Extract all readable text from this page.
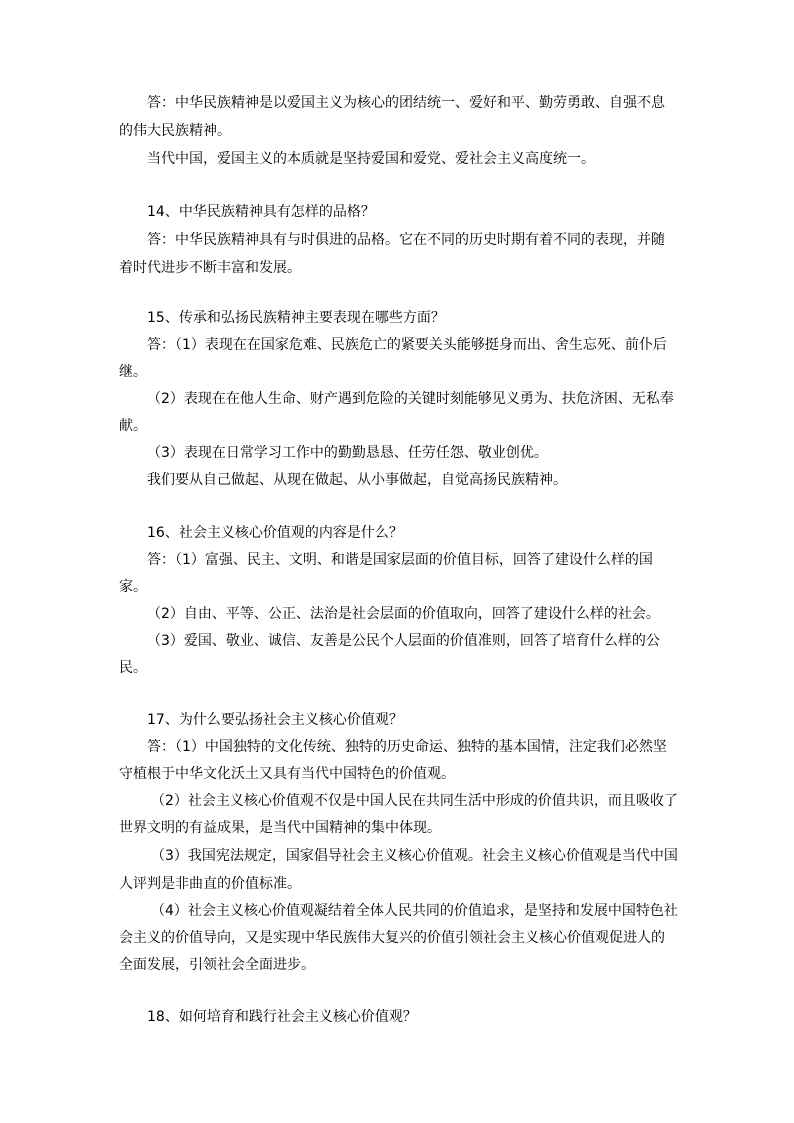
答：中华民族精神是以爱国主义为核心的团结统一、爱好和平、勤劳勇敢、自强不息
的伟大民族精神。
当代中国，爱国主义的本质就是坚持爱国和爱党、爱社会主义高度统一。
14、中华民族精神具有怎样的品格？
答：中华民族精神具有与时俱进的品格。它在不同的历史时期有着不同的表现，并随
着时代进步不断丰富和发展。
15、传承和弘扬民族精神主要表现在哪些方面？
答：（1）表现在在国家危难、民族危亡的紧要关头能够挺身而出、舍生忘死、前仆后
继。
（2）表现在在他人生命、财产遇到危险的关键时刻能够见义勇为、扶危济困、无私奉
献。
（3）表现在日常学习工作中的勤勤恳恳、任劳任怨、敬业创优。
我们要从自己做起、从现在做起、从小事做起，自觉高扬民族精神。
16、社会主义核心价值观的内容是什么？
答：（1）富强、民主、文明、和谐是国家层面的价值目标，回答了建设什么样的国
家。
（2）自由、平等、公正、法治是社会层面的价值取向，回答了建设什么样的社会。
（3）爱国、敬业、诚信、友善是公民个人层面的价值准则，回答了培育什么样的公
民。
17、为什么要弘扬社会主义核心价值观？
答：（1）中国独特的文化传统、独特的历史命运、独特的基本国情，注定我们必然坚
守植根于中华文化沃土又具有当代中国特色的价值观。
（2）社会主义核心价值观不仅是中国人民在共同生活中形成的价值共识，而且吸收了
世界文明的有益成果，是当代中国精神的集中体现。
（3）我国宪法规定，国家倡导社会主义核心价值观。社会主义核心价值观是当代中国
人评判是非曲直的价值标准。
（4）社会主义核心价值观凝结着全体人民共同的价值追求，是坚持和发展中国特色社
会主义的价值导向，又是实现中华民族伟大复兴的价值引领社会主义核心价值观促进人的
全面发展，引领社会全面进步。
18、如何培育和践行社会主义核心价值观？
